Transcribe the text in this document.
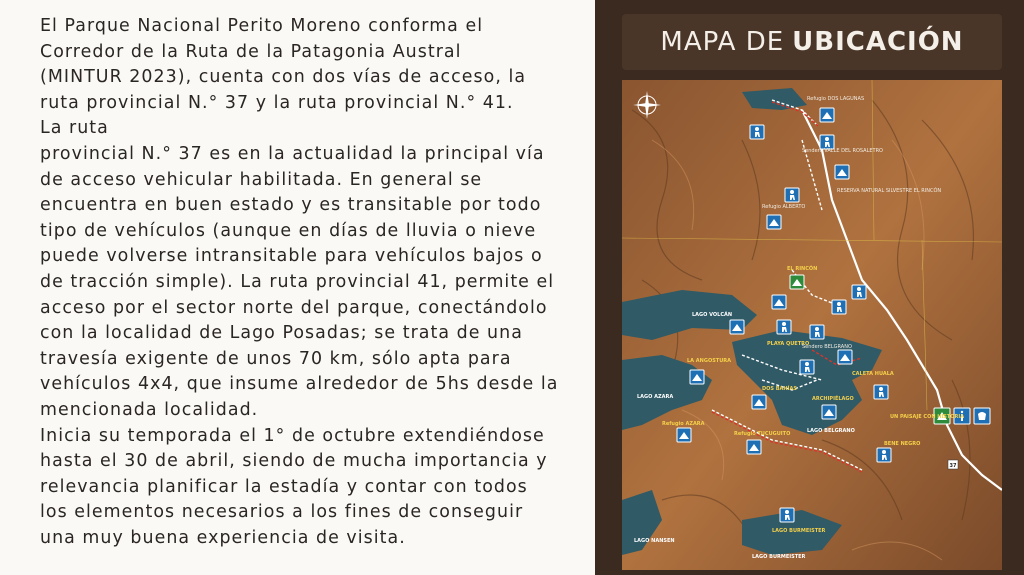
El Parque Nacional Perito Moreno conforma el

Corredor de la Ruta de la Patagonia Austral

(MINTUR 2023), cuenta con dos vías de acceso, la

ruta provincial N.° 37 y la ruta provincial N.° 41.

La ruta

provincial N.° 37 es en la actualidad la principal vía

de acceso vehicular habilitada. En general se

encuentra en buen estado y es transitable por todo

tipo de vehículos (aunque en días de lluvia o nieve

puede volverse intransitable para vehículos bajos o

de tracción simple). La ruta provincial 41, permite el

acceso por el sector norte del parque, conectándolo

con la localidad de Lago Posadas; se trata de una

travesía exigente de unos 70 km, sólo apta para

vehículos 4x4, que insume alrededor de 5hs desde la

mencionada localidad.

Inicia su temporada el 1° de octubre extendiéndose

hasta el 30 de abril, siendo de mucha importancia y

relevancia planificar la estadía y contar con todos

los elementos necesarios a los fines de conseguir

una muy buena experiencia de visita.

MAPA DE UBICACIÓN
Refugio DOS LAGUNAS
Sendero VALLE DEL ROSALETRO
RESERVA NATURAL SILVESTRE EL RINCÓN
Refugio ALBERTO
EL RINCÓN
LAGO VOLCÁN
LAGO AZARA
Refugio AZARA
LA ANGOSTURA
PLAYA QUETRO
Sendero BELGRANO
DOS BAHÍAS
CALETA HUALA
ARCHIPIÉLAGO
LAGO BELGRANO
Refugio TUCUGUITO
UN PAISAJE CON HISTORIA
BENE NEGRO
LAGO NANSEN
LAGO BURMEISTER
LAGO BURMEISTER
37
